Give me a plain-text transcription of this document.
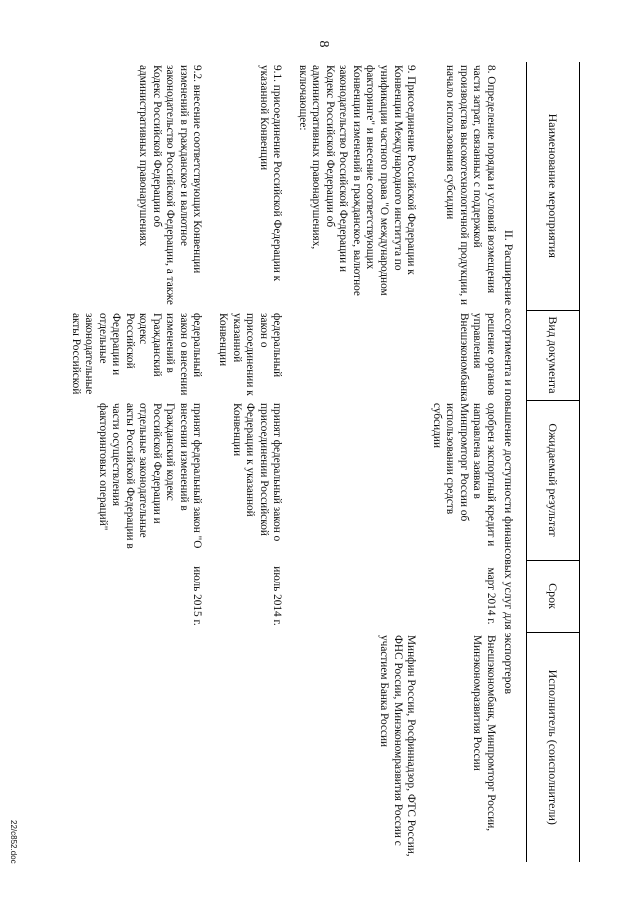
8
Наименование мероприятия	Вид документа	Ожидаемый результат	Срок	Исполнитель (соисполнители)
II. Расширение ассортимента и повышение доступности финансовых услуг для экспортеров				
8. Определение порядка и условий возмещения части затрат, связанных с поддержкой производства высокотехнологичной продукции, и начало использования субсидии	решение органов управления Внешэкономбанка	одобрен экспортный кредит и направлена заявка в Минпромторг России об использовании средств субсидии	март 2014 г.	Внешэкономбанк, Минпромторг России, Минэкономразвития России
9. Присоединение Российской Федерации к Конвенции Международного института по унификации частного права "О международном факторинге" и внесение соответствующих Конвенции изменений в гражданское, валютное законодательство Российской Федерации и Кодекс Российской Федерации об административных правонарушениях, включающее:				Минфин России, Росфиннадзор, ФТС России, ФНС России, Минэкономразвития России с участием Банка России
9.1. присоединение Российской Федерации к указанной Конвенции	федеральный закон о присоединении к указанной Конвенции	принят федеральный закон о присоединении Российской Федерации к указанной Конвенции	июль 2014 г.	
9.2. внесение соответствующих Конвенции изменений в гражданское и валютное законодательство Российской Федерации, а также Кодекс Российской Федерации об административных правонарушениях	федеральный закон о внесении изменений в Гражданский кодекс Российской Федерации и отдельные законодательные акты Российской	принят федеральный закон "О внесении изменений в Гражданский кодекс Российской Федерации и отдельные законодательные акты Российской Федерации в части осуществления факторинговых операций"	июль 2015 г.	
22/c852.doc
